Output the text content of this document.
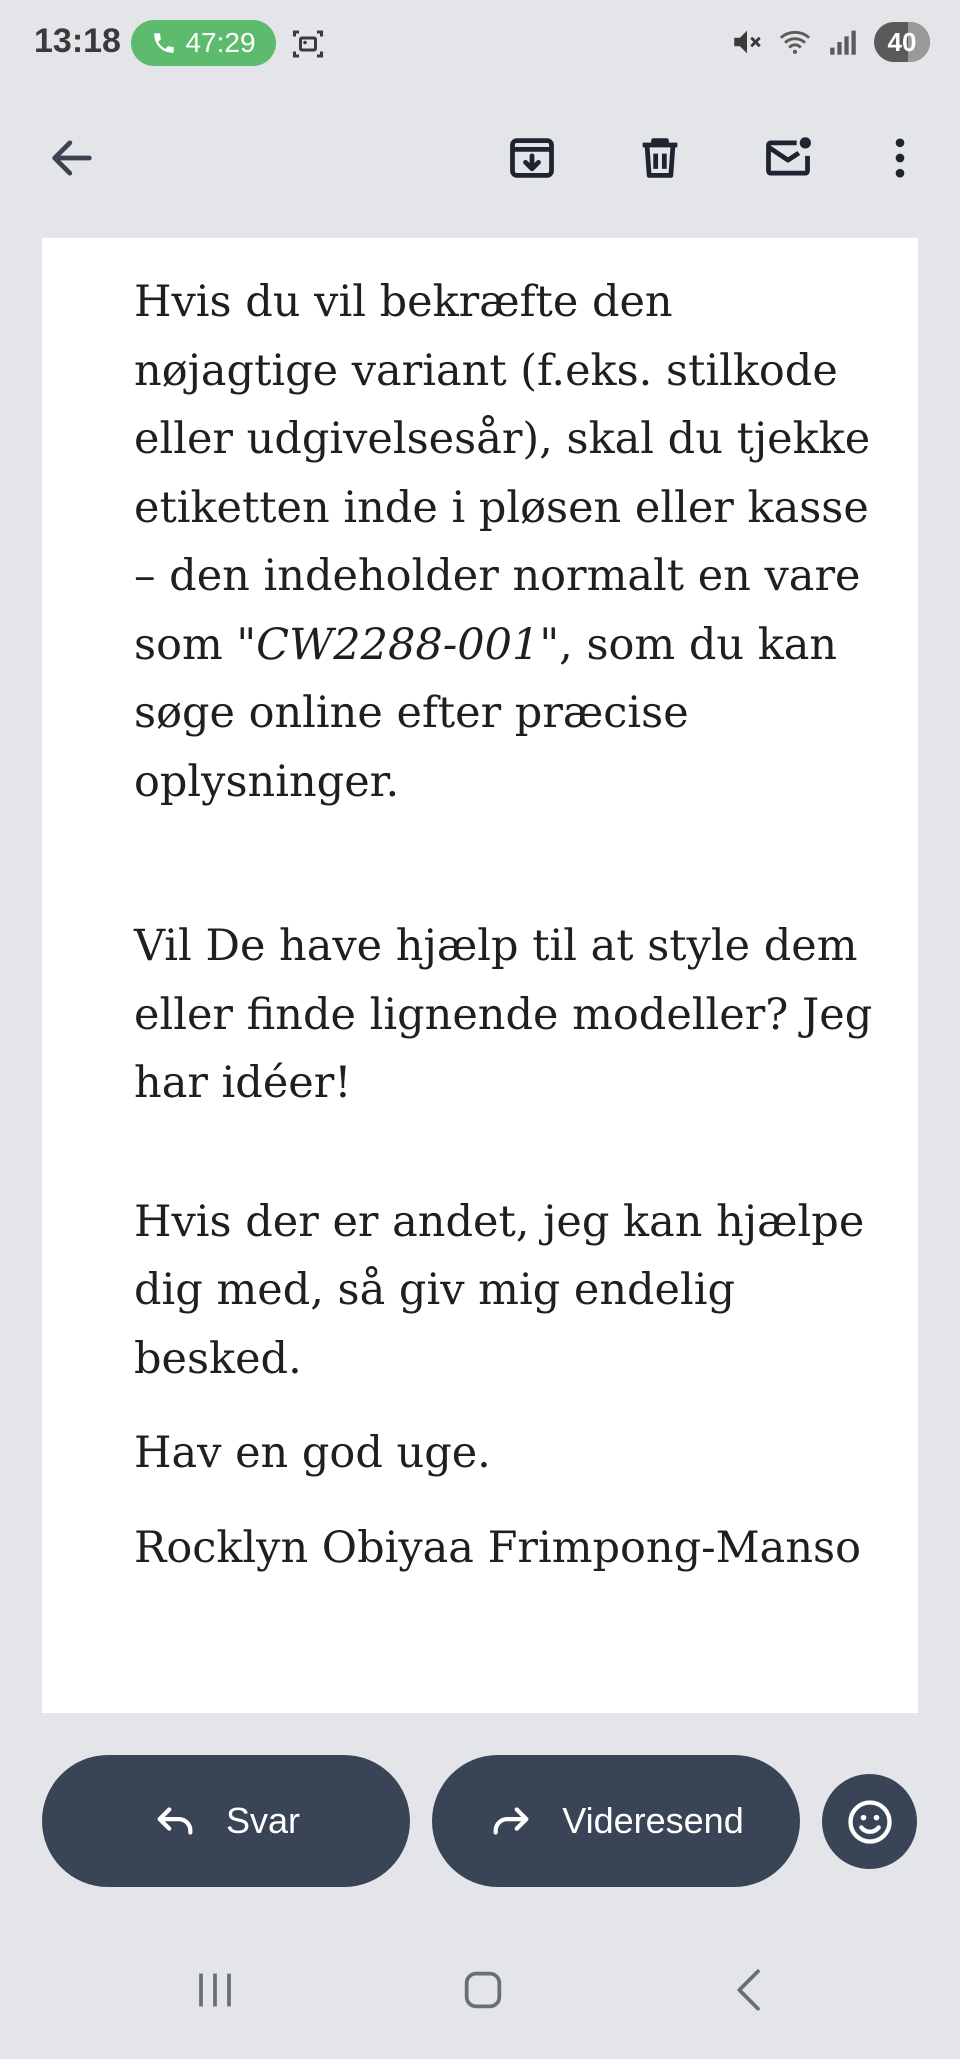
13:18 47:29	40

Hvis du vil bekræfte den nøjagtige variant (f.eks. stilkode eller udgivelsesår), skal du tjekke etiketten inde i pløsen eller kasse – den indeholder normalt en vare som "CW2288-001", som du kan søge online efter præcise oplysninger.

Vil De have hjælp til at style dem eller finde lignende modeller? Jeg har idéer!

Hvis der er andet, jeg kan hjælpe dig med, så giv mig endelig besked.

Hav en god uge.

Rocklyn Obiyaa Frimpong-Manso

Svar	Videresend
